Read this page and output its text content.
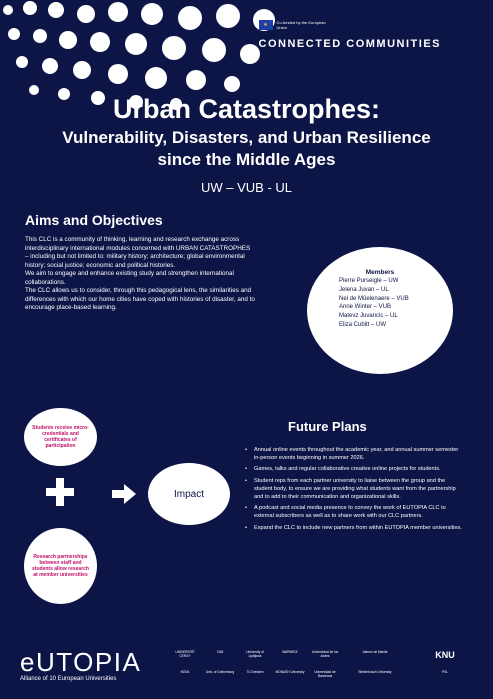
★	Co-funded by the European Union
CONNECTED COMMUNITIES
Urban Catastrophes:
Vulnerability, Disasters, and Urban Resilience
since the Middle Ages
UW – VUB - UL
Aims and Objectives
This CLC is a community of thinking, learning and research exchange across interdisciplinary international modules concerned with URBAN CATASTROPHES – including but not limited to: military history; architecture; global environmental history; social justice; economic and political histories.
We aim to engage and enhance existing study and strengthen international collaborations.
The CLC allows us to consider, through this pedagogical lens, the similarities and differences with which our home cities have coped with histories of disaster, and to encourage place-based learning.
Members
Pierre Purseigle – UW
Jelena Juvan – UL
Nel de Mûelenaere – VUB
Anne Winter – VUB
Matevz Juvancic – UL
Eliza Cubitt – UW
Students receive micro-credentials and certificates of participation
Research partnerships between staff and students allow research at member universities
Impact
Future Plans
• Annual online events throughout the academic year, and annual summer semester in-person events beginning in summer 2026.
• Games, talks and regular collaborative creative online projects for students.
• Student reps from each partner university to liaise between the group and the student body, to ensure we are providing what students want from the partnership and to add to their communication and organizational skills.
• A podcast and social media presence to convey the work of EUTOPIA CLC to external subscribers as well as to share work with our CLC partners.
• Expand the CLC to include new partners from within EUTOPIA member universities.
eUTOPIA
Alliance of 10 European Universities
UNIVERSITÉ CERGY
VUB	University of Ljubljana
WARWICK	Universidad de los Andes
NOVA	Univ. of Gothenburg	TU Dresden	MONASH University	Universidad de Barcelona
Ateneo de Manila	KNU
Stellenbosch University	PSL
